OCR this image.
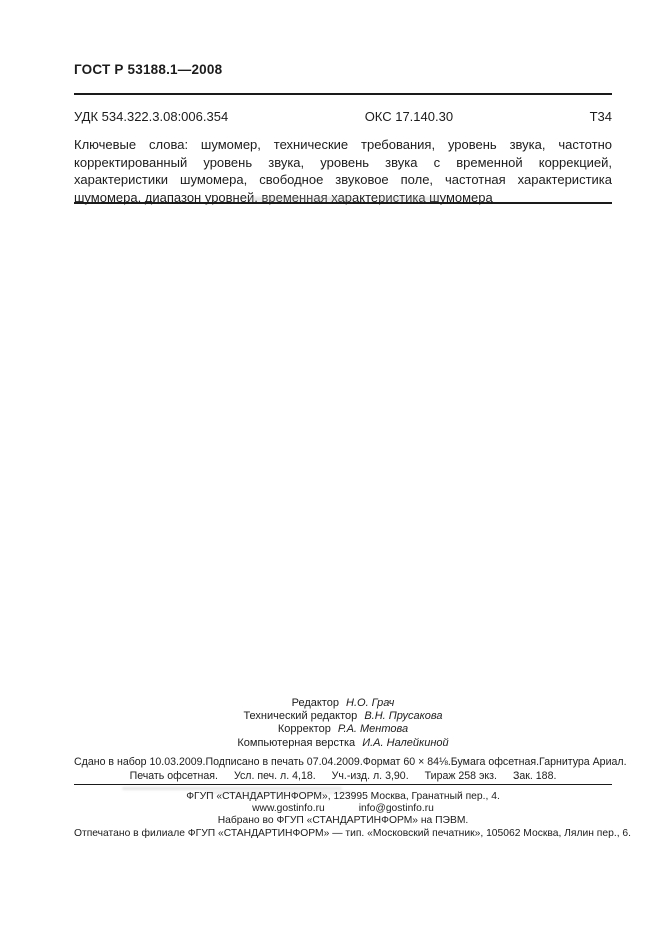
ГОСТ Р 53188.1—2008
УДК 534.322.3.08:006.354	ОКС 17.140.30	Т34
Ключевые слова: шумомер, технические требования, уровень звука, частотно корректированный уровень звука, уровень звука с временной коррекцией, характеристики шумомера, свободное звуковое поле, частотная характеристика шумомера, диапазон уровней, временная характеристика шумомера
Редактор Н.О. Грач
Технический редактор В.Н. Прусакова
Корректор Р.А. Ментова
Компьютерная верстка И.А. Налейкиной
Сдано в набор 10.03.2009. Подписано в печать 07.04.2009. Формат 60 × 84⅛. Бумага офсетная. Гарнитура Ариал.
Печать офсетная. Усл. печ. л. 4,18. Уч.-изд. л. 3,90. Тираж 258 экз. Зак. 188.
ФГУП «СТАНДАРТИНФОРМ», 123995 Москва, Гранатный пер., 4.
www.gostinfo.ru	info@gostinfo.ru
Набрано во ФГУП «СТАНДАРТИНФОРМ» на ПЭВМ.
Отпечатано в филиале ФГУП «СТАНДАРТИНФОРМ» — тип. «Московский печатник», 105062 Москва, Лялин пер., 6.
